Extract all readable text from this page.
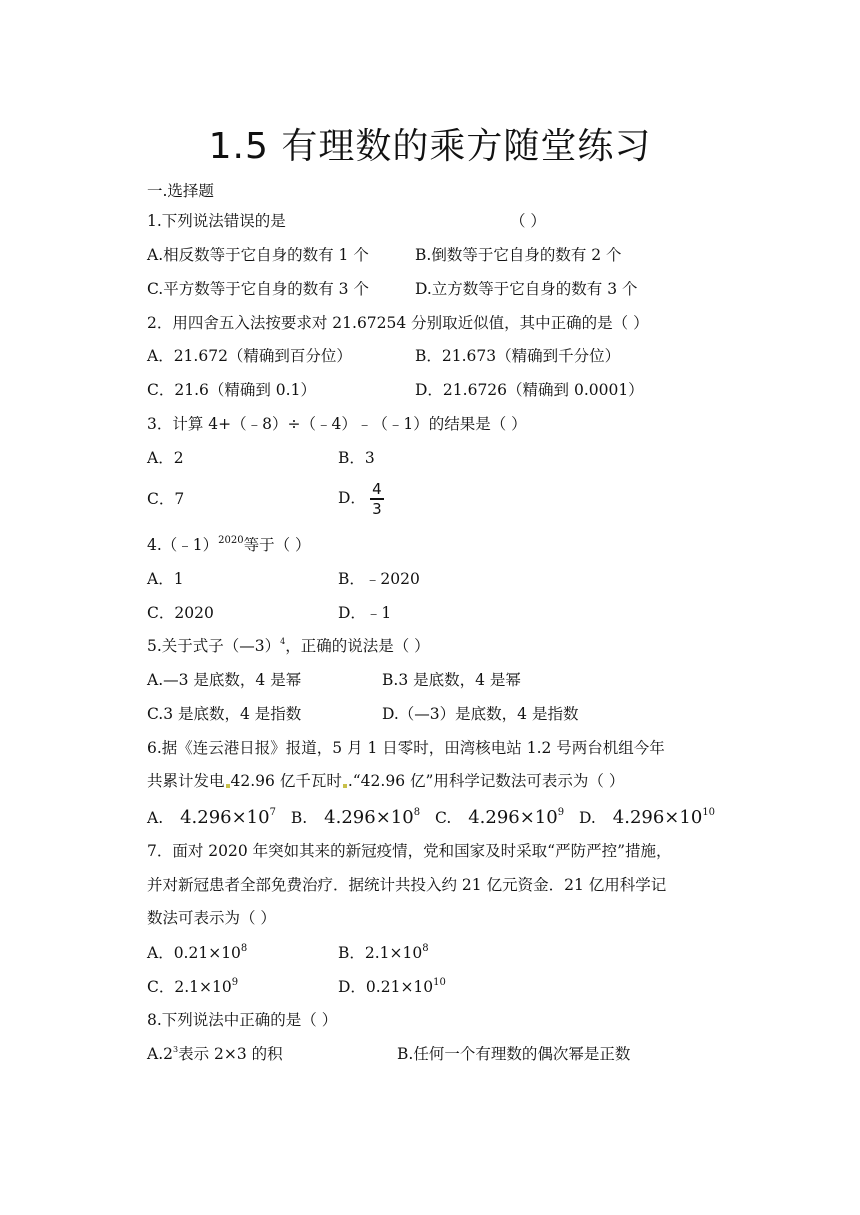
1.5 有理数的乘方随堂练习
一.选择题
1.下列说法错误的是	（ ）
A.相反数等于它自身的数有 1 个	B.倒数等于它自身的数有 2 个
C.平方数等于它自身的数有 3 个	D.立方数等于它自身的数有 3 个
2．用四舍五入法按要求对 21.67254 分别取近似值，其中正确的是（ ）
A．21.672（精确到百分位）	B．21.673（精确到千分位）
C．21.6（精确到 0.1）	D．21.6726（精确到 0.0001）
3．计算 4+（﹣8）÷（﹣4）﹣（﹣1）的结果是（ ）
A．2	B．3
C．7	D． $\frac{4}{3}$
4.（﹣1）$^{2020}$等于（ ）
A．1	B．﹣2020
C．2020	D．﹣1
5.关于式子（—3）$^4$，正确的说法是（ ）
A.—3 是底数，4 是幂	B.3 是底数，4 是幂
C.3 是底数，4 是指数	D.（—3）是底数，4 是指数
6.据《连云港日报》报道，5 月 1 日零时，田湾核电站 1.2 号两台机组今年
共累计发电 42.96 亿千瓦时 .“42.96 亿”用科学记数法可表示为（ ）
A. $4.296\times 10^7$ B. $4.296\times 10^8$ C. $4.296\times 10^9$ D. $4.296\times 10^{10}$
7．面对 2020 年突如其来的新冠疫情，党和国家及时采取“严防严控”措施，
并对新冠患者全部免费治疗．据统计共投入约 21 亿元资金．21 亿用科学记
数法可表示为（ ）
A．$0.21\times 10^8$	B．$2.1\times 10^8$
C．$2.1\times 10^9$	D．$0.21\times 10^{10}$
8.下列说法中正确的是（ ）
$A.2^3$表示 2×3 的积	B.任何一个有理数的偶次幂是正数
